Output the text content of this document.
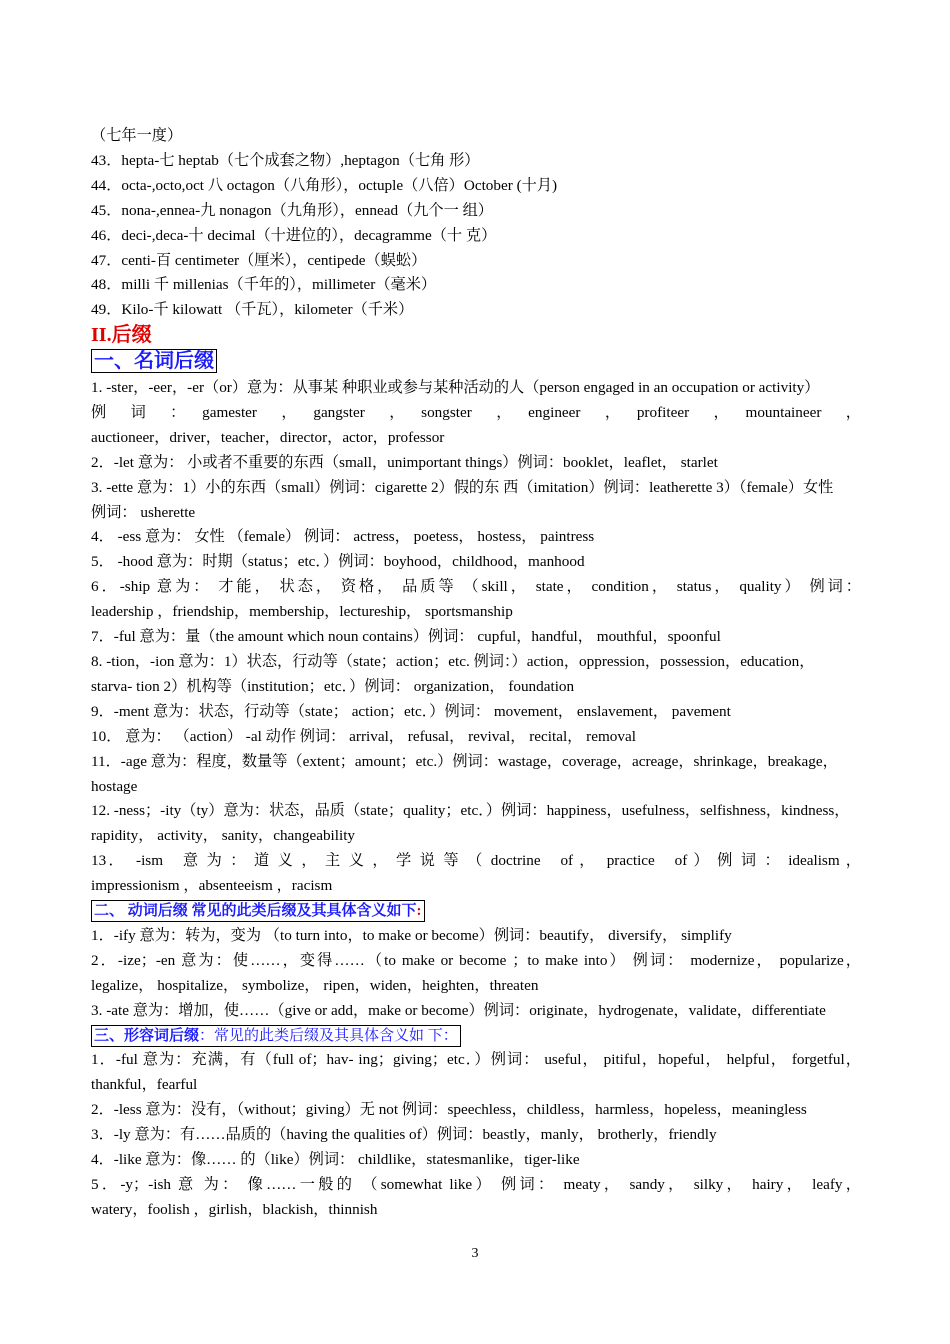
（七年一度）
43．hepta-七 heptab（七个成套之物）,heptagon（七角 形）
44．octa-,octo,oct 八 octagon（八角形），octuple（八倍）October (十月)
45．nona-,ennea-九 nonagon（九角形），ennead（九个一 组）
46．deci-,deca-十 decimal（十进位的），decagramme（十 克）
47．centi-百 centimeter（厘米），centipede（蜈蚣）
48．milli 千 millenias（千年的），millimeter（毫米）
49．Kilo-千 kilowatt （千瓦），kilometer（千米）
II.后缀
一、名词后缀
1. -ster，-eer，-er（or）意为：从事某 种职业或参与某种活动的人（person engaged in an occupation or activity）
例　词　：　gamester　，　gangster　，　songster　，　engineer　，　profiteer　，　mountaineer　，
auctioneer，driver，teacher，director，actor，professor
2．-let 意为： 小或者不重要的东西（small，unimportant things）例词：booklet，leaflet， starlet
3. -ette 意为：1）小的东西（small）例词：cigarette 2）假的东 西（imitation）例词：leatherette 3）（female）女性
例词： usherette
4． -ess 意为： 女性 （female） 例词： actress， poetess， hostess， paintress
5． -hood 意为：时期（status；etc．）例词：boyhood，childhood，manhood
6．-ship 意为： 才能， 状态， 资格， 品质等 （skill， state， condition， status， quality） 例词：
leadership ，friendship，membership，lectureship， sportsmanship
7．-ful 意为：量（the amount which noun contains）例词： cupful，handful， mouthful，spoonful
8. -tion，-ion 意为：1）状态，行动等（state；action；etc. 例词：）action，oppression，possession，education，
starva- tion 2）机构等（institution；etc．）例词： organization， foundation
9．-ment 意为：状态，行动等（state； action；etc．）例词： movement， enslavement， pavement
10． 意为： （action） -al 动作 例词： arrival， refusal， revival， recital， removal
11．-age 意为：程度，数量等（extent；amount；etc.）例词：wastage，coverage，acreage，shrinkage，breakage，
hostage
12. -ness；-ity（ty）意为：状态，品质（state；quality；etc．）例词：happiness，usefulness，selfishness，kindness，
rapidity， activity， sanity，changeability
13．　-ism　意 为 ： 道 义 ， 主 义 ， 学 说 等 （ doctrine　of ，　practice　of ） 例 词 ： idealism ，
impressionism ，absenteeism ，racism
二、 动词后缀 常见的此类后缀及其具体含义如下:
1．-ify 意为：转为，变为 （to turn into，to make or become）例词：beautify， diversify， simplify
2．-ize；-en 意为：使……，变得……（to make or become ；to make into） 例词： modernize， popularize，
legalize， hospitalize， symbolize， ripen，widen，heighten，threaten
3. -ate 意为：增加，使……（give or add，make or become）例词：originate，hydrogenate，validate，differentiate
三、形容词后缀：常见的此类后缀及其具体含义如 下：
1．-ful 意为：充满，有（full of；hav- ing；giving；etc．）例词： useful， pitiful，hopeful， helpful， forgetful，
thankful，fearful
2．-less 意为：没有，（without；giving）无 not 例词：speechless，childless，harmless，hopeless，meaningless
3．-ly 意为：有……品质的（having the qualities of）例词：beastly，manly， brotherly，friendly
4．-like 意为：像…… 的（like）例词： childlike，statesmanlike，tiger-like
5．-y；-ish 意 为： 像……一般的 （somewhat like） 例词： meaty， sandy， silky， hairy， leafy，
watery，foolish ，girlish，blackish，thinnish
3
